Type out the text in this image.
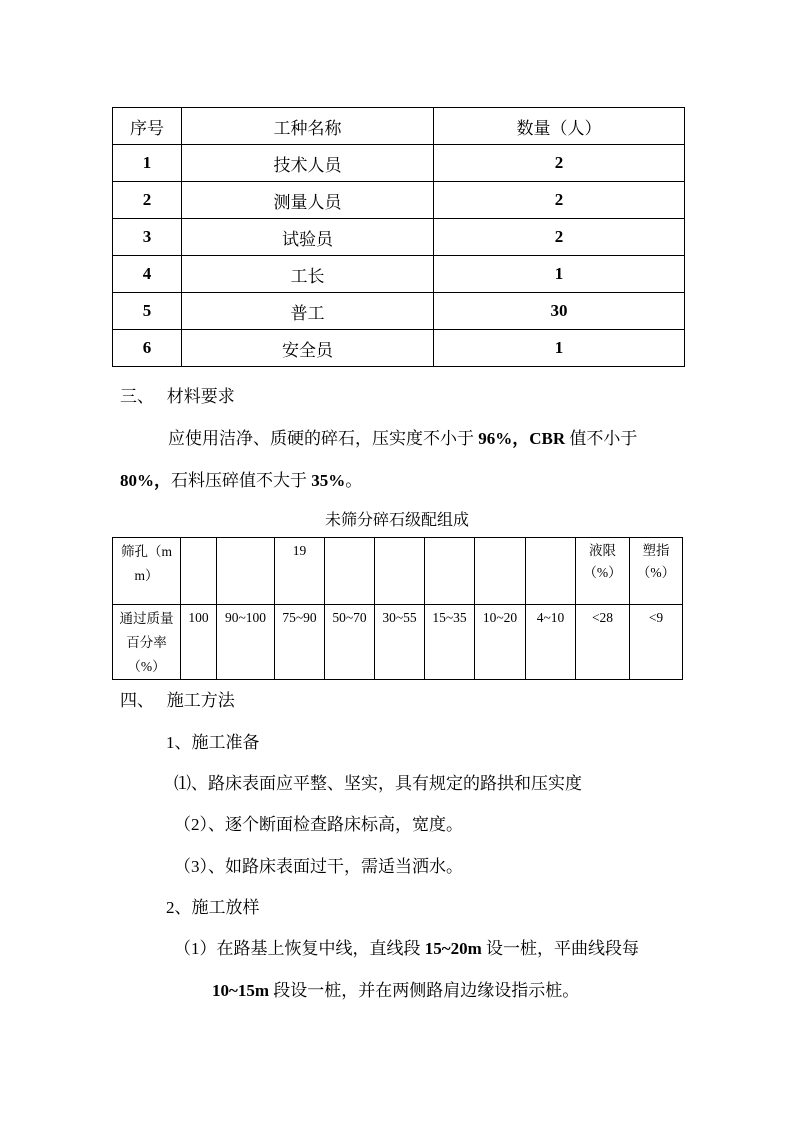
序号	工种名称	数量（人）
1	技术人员	2
2	测量人员	2
3	试验员	2
4	工长	1
5	普工	30
6	安全员	1
三、   材料要求
应使用洁净、质硬的碎石，压实度不小于 96%，CBR 值不小于
80%，石料压碎值不大于 35%。
未筛分碎石级配组成
筛孔（mm）			19						液限（%）	塑指（%）
通过质量百分率（%）	100	90~100	75~90	50~70	30~55	15~35	10~20	4~10	<28	<9
四、   施工方法
1、施工准备
⑴、路床表面应平整、坚实，具有规定的路拱和压实度
（2）、逐个断面检查路床标高，宽度。
（3）、如路床表面过干，需适当洒水。
2、施工放样
（1）在路基上恢复中线，直线段 15~20m 设一桩，平曲线段每
10~15m 段设一桩，并在两侧路肩边缘设指示桩。
